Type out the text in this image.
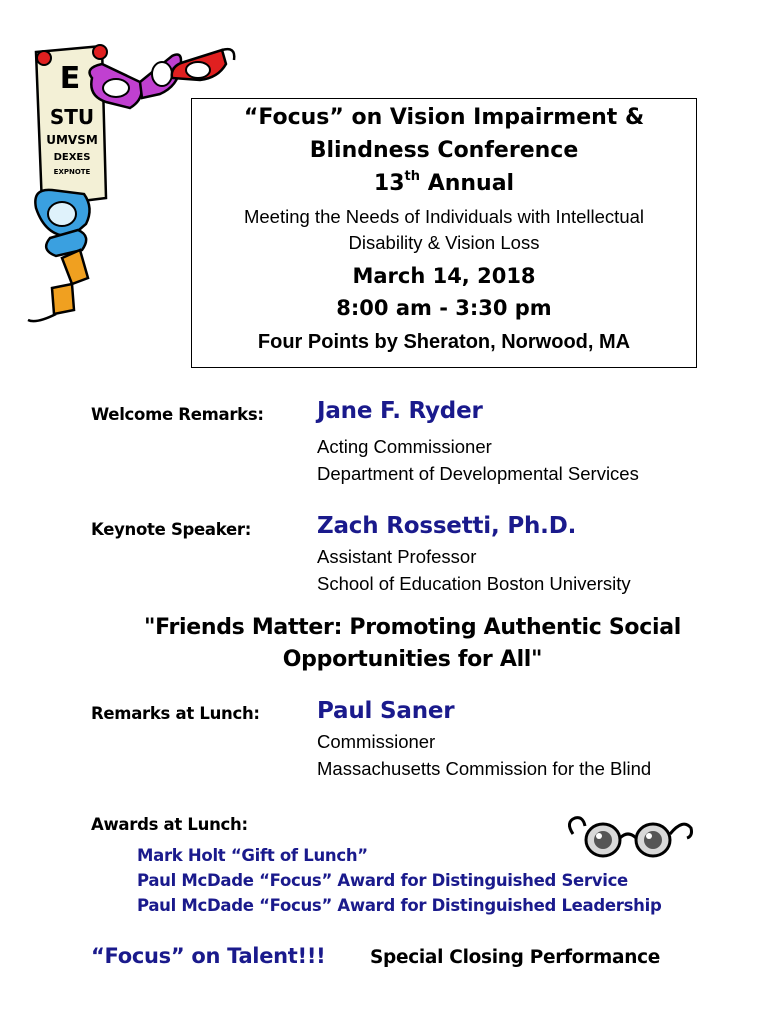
E
STU
UMVSM
DEXES
EXPNOTE
“Focus” on Vision Impairment &
Blindness Conference
13th Annual
Meeting the Needs of Individuals with Intellectual
Disability & Vision Loss
March 14, 2018
8:00 am - 3:30 pm
Four Points by Sheraton, Norwood, MA
Welcome Remarks: Jane F. Ryder
Acting Commissioner
Department of Developmental Services
Keynote Speaker:	Zach Rossetti, Ph.D.
Assistant Professor
School of Education Boston University
"Friends Matter: Promoting Authentic Social
Opportunities for All"
Remarks at Lunch: Paul Saner
Commissioner
Massachusetts Commission for the Blind
Awards at Lunch:
Mark Holt “Gift of Lunch”
Paul McDade “Focus” Award for Distinguished Service
Paul McDade “Focus” Award for Distinguished Leadership
“Focus” on Talent!!! Special Closing Performance
